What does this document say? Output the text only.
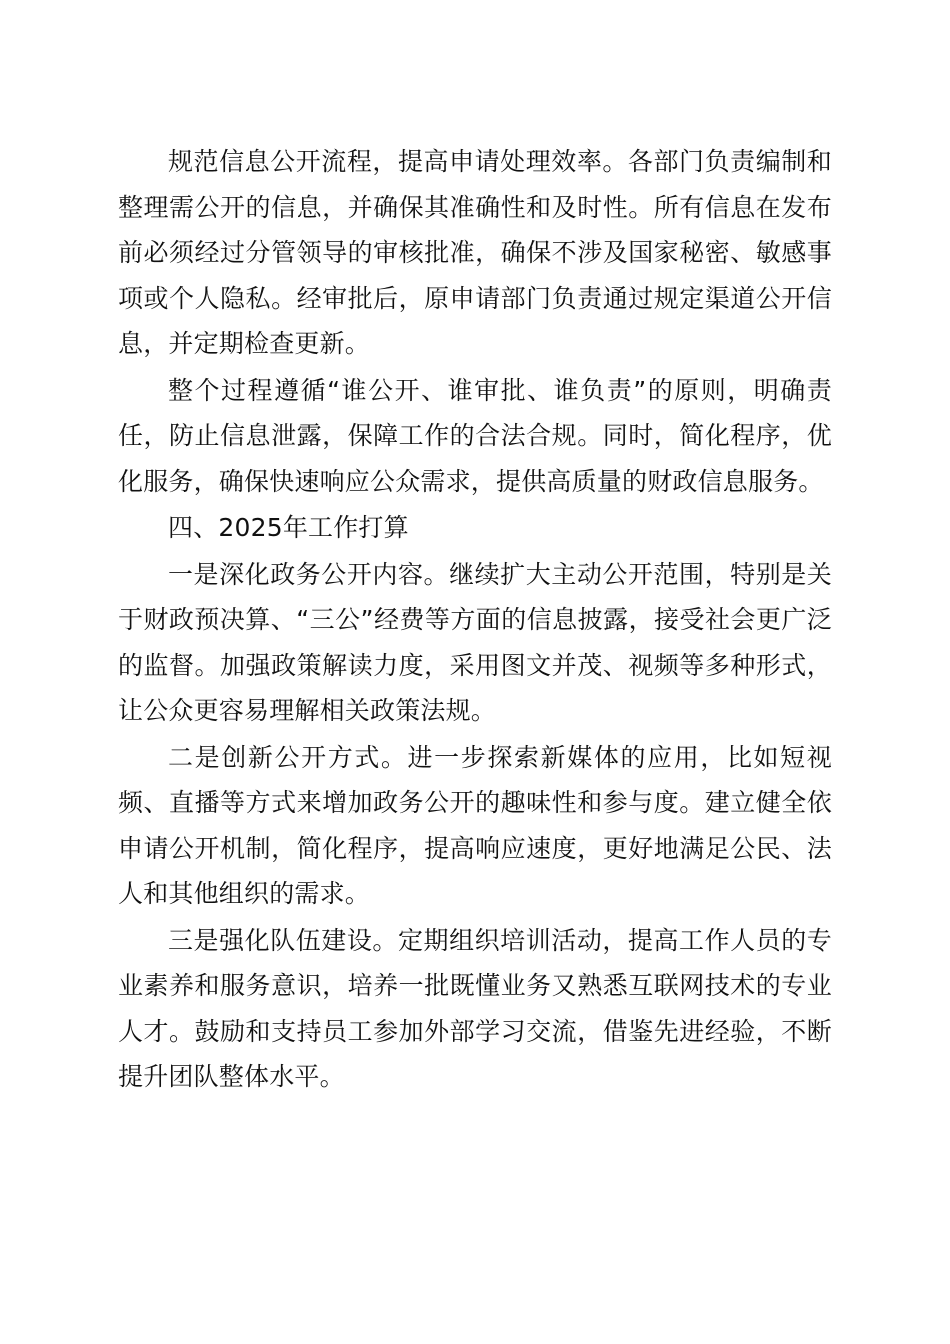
规范信息公开流程，提高申请处理效率。各部门负责编制和整理需公开的信息，并确保其准确性和及时性。所有信息在发布前必须经过分管领导的审核批准，确保不涉及国家秘密、敏感事项或个人隐私。经审批后，原申请部门负责通过规定渠道公开信息，并定期检查更新。

整个过程遵循“谁公开、谁审批、谁负责”的原则，明确责任，防止信息泄露，保障工作的合法合规。同时，简化程序，优化服务，确保快速响应公众需求，提供高质量的财政信息服务。

四、2025年工作打算

一是深化政务公开内容。继续扩大主动公开范围，特别是关于财政预决算、“三公”经费等方面的信息披露，接受社会更广泛的监督。加强政策解读力度，采用图文并茂、视频等多种形式，让公众更容易理解相关政策法规。

二是创新公开方式。进一步探索新媒体的应用，比如短视频、直播等方式来增加政务公开的趣味性和参与度。建立健全依申请公开机制，简化程序，提高响应速度，更好地满足公民、法人和其他组织的需求。

三是强化队伍建设。定期组织培训活动，提高工作人员的专业素养和服务意识，培养一批既懂业务又熟悉互联网技术的专业人才。鼓励和支持员工参加外部学习交流，借鉴先进经验，不断提升团队整体水平。
